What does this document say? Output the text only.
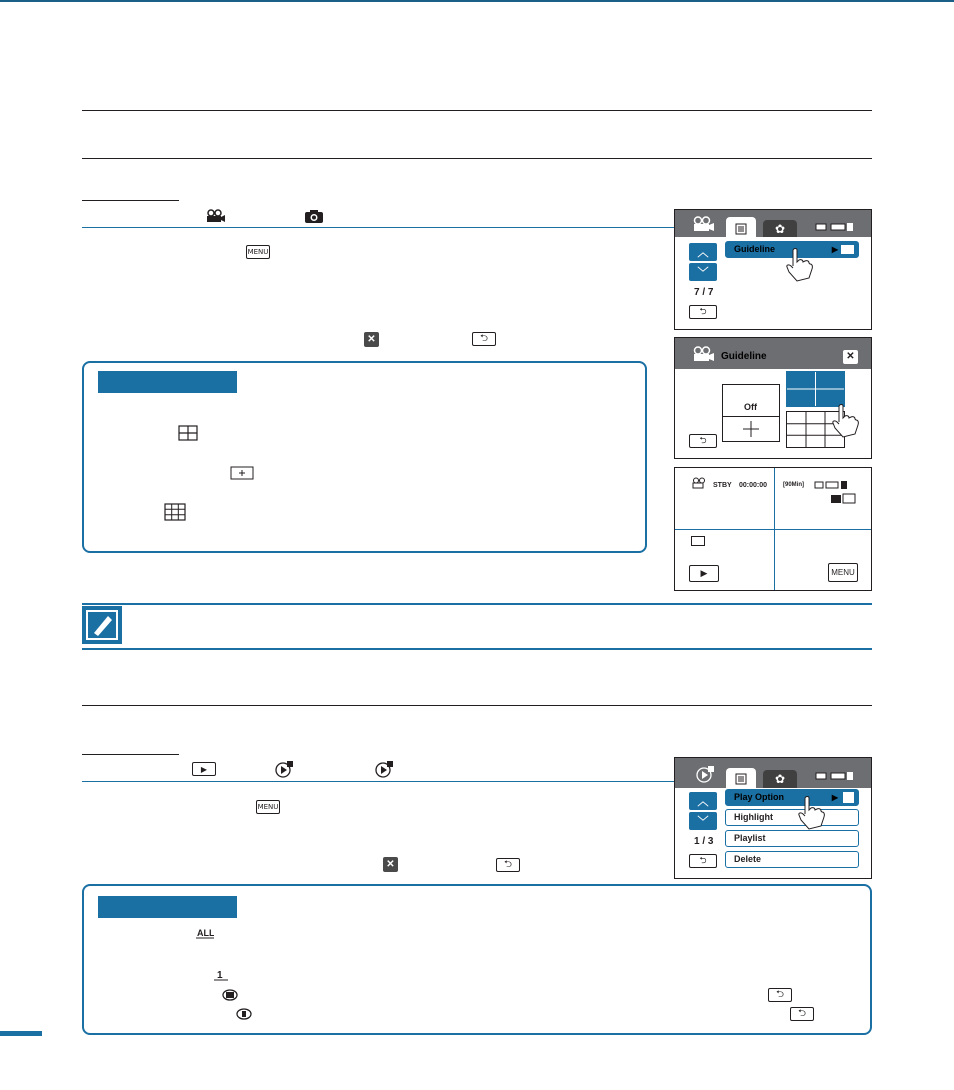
MENU
✕	⮌
✿
︿
﹀
7 / 7
⮌
Guideline	▶
Guideline	✕
Off
⮌
STBY 00:00:00	[90Min]
▶	MENU
▶
MENU
✕	⮌
✿
︿
﹀
1 / 3
⮌
Play Option	▶
Highlight
Playlist
Delete
ALL
1
⮌
⮌
